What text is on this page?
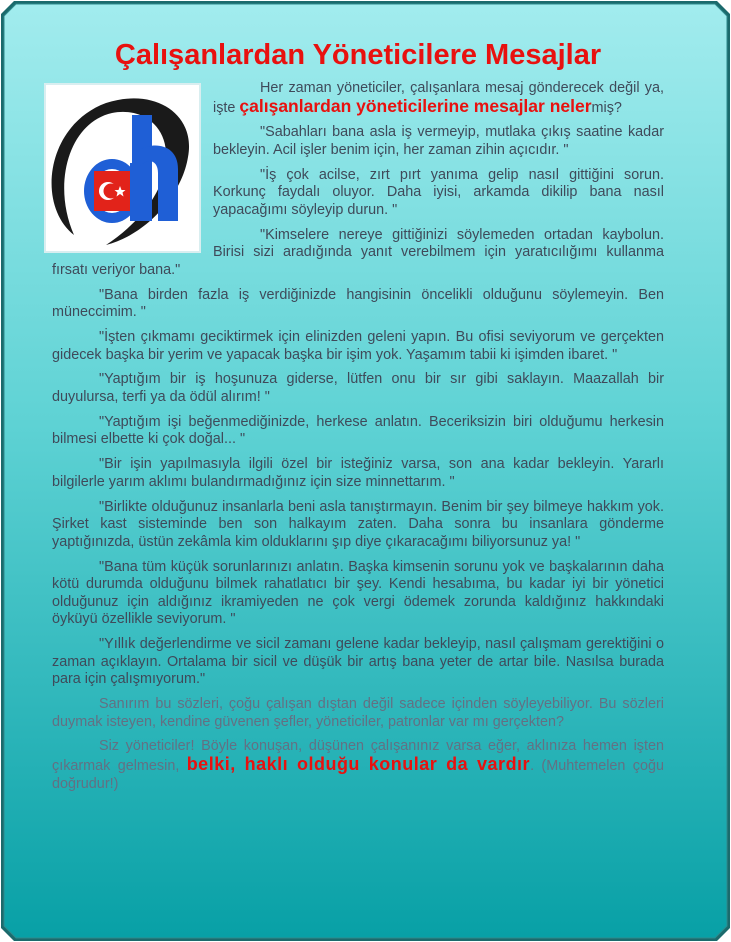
Çalışanlardan Yöneticilere Mesajlar

Her zaman yöneticiler, çalışanlara mesaj gönderecek değil ya, işte çalışanlardan yöneticilerine mesajlar nelermiş?

"Sabahları bana asla iş vermeyip, mutlaka çıkış saatine kadar bekleyin. Acil işler benim için, her zaman zihin açıcıdır. "

"İş çok acilse, zırt pırt yanıma gelip nasıl gittiğini sorun. Korkunç faydalı oluyor. Daha iyisi, arkamda dikilip bana nasıl yapacağımı söyleyip durun. "

"Kimselere nereye gittiğinizi söylemeden ortadan kaybolun. Birisi sizi aradığında yanıt verebilmem için yaratıcılığımı kullanma fırsatı veriyor bana."

"Bana birden fazla iş verdiğinizde hangisinin öncelikli olduğunu söylemeyin. Ben müneccimim. "

"İşten çıkmamı geciktirmek için elinizden geleni yapın. Bu ofisi seviyorum ve gerçekten gidecek başka bir yerim ve yapacak başka bir işim yok. Yaşamım tabii ki işimden ibaret. "

"Yaptığım bir iş hoşunuza giderse, lütfen onu bir sır gibi saklayın. Maazallah bir duyulursa, terfi ya da ödül alırım! "

"Yaptığım işi beğenmediğinizde, herkese anlatın. Beceriksizin biri olduğumu herkesin bilmesi elbette ki çok doğal... "

"Bir işin yapılmasıyla ilgili özel bir isteğiniz varsa, son ana kadar bekleyin. Yararlı bilgilerle yarım aklımı bulandırmadığınız için size minnettarım. "

"Birlikte olduğunuz insanlarla beni asla tanıştırmayın. Benim bir şey bilmeye hakkım yok. Şirket kast sisteminde ben son halkayım zaten. Daha sonra bu insanlara gönderme yaptığınızda, üstün zekâmla kim olduklarını şıp diye çıkaracağımı biliyorsunuz ya! "

"Bana tüm küçük sorunlarınızı anlatın. Başka kimsenin sorunu yok ve başkalarının daha kötü durumda olduğunu bilmek rahatlatıcı bir şey. Kendi hesabıma, bu kadar iyi bir yönetici olduğunuz için aldığınız ikramiyeden ne çok vergi ödemek zorunda kaldığınız hakkındaki öyküyü özellikle seviyorum. "

"Yıllık değerlendirme ve sicil zamanı gelene kadar bekleyip, nasıl çalışmam gerektiğini o zaman açıklayın. Ortalama bir sicil ve düşük bir artış bana yeter de artar bile. Nasılsa burada para için çalışmıyorum."

Sanırım bu sözleri, çoğu çalışan dıştan değil sadece içinden söyleyebiliyor. Bu sözleri duymak isteyen, kendine güvenen şefler, yöneticiler, patronlar var mı gerçekten?

Siz yöneticiler! Böyle konuşan, düşünen çalışanınız varsa eğer, aklınıza hemen işten çıkarmak gelmesin, belki, haklı olduğu konular da vardır. (Muhtemelen çoğu doğrudur!)
